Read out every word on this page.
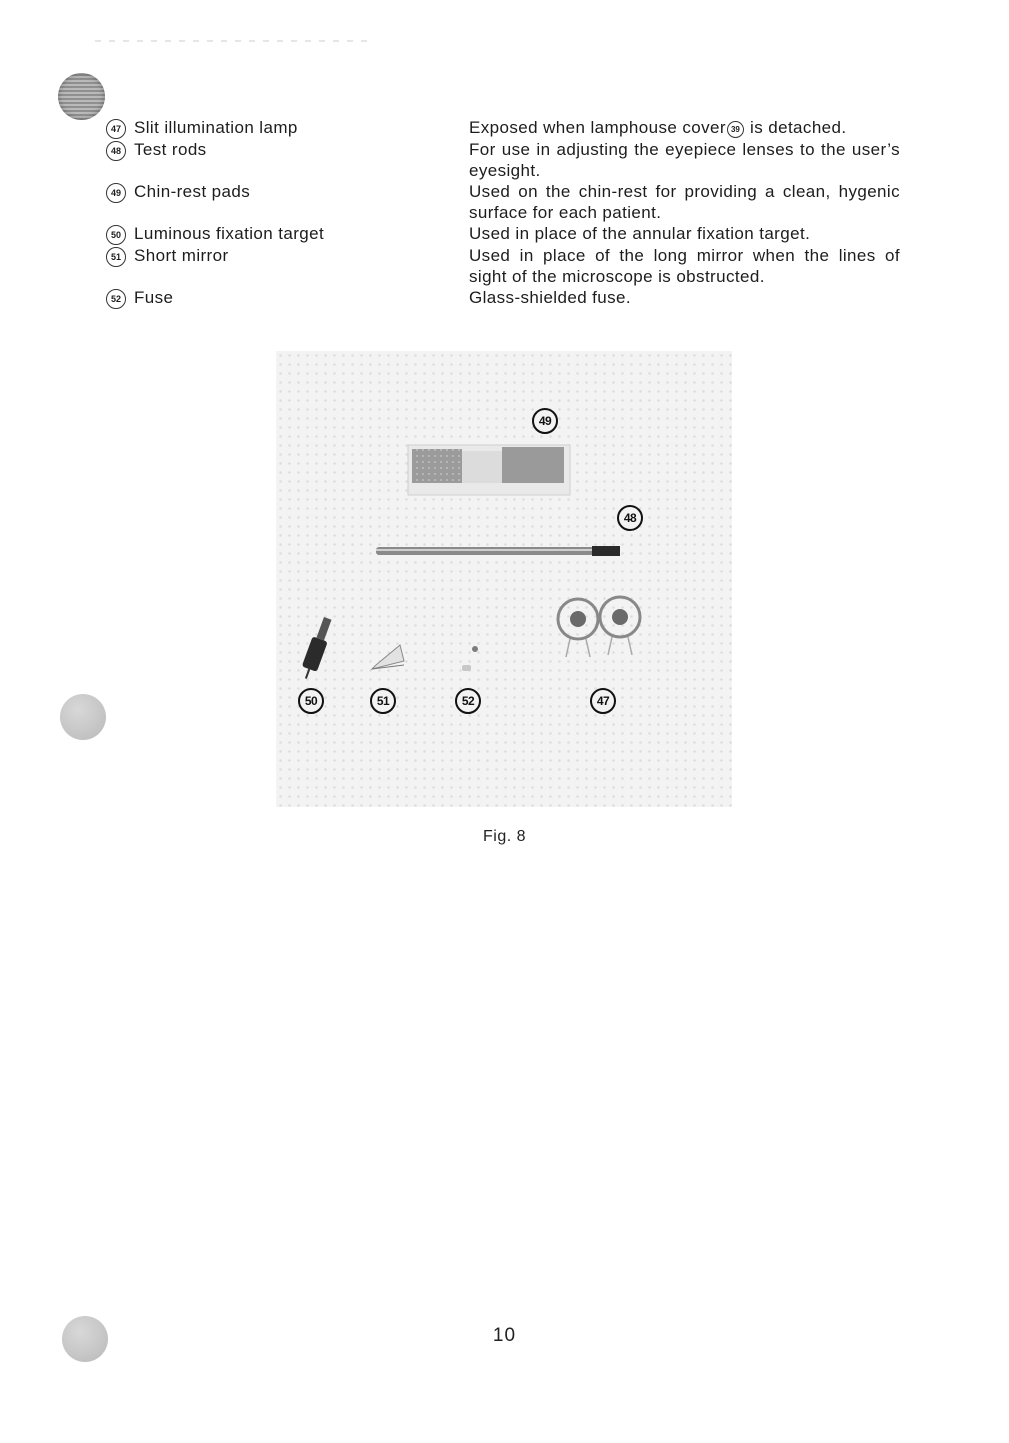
47 Slit illumination lamp	Exposed when lamphouse cover 39 is detached.
48 Test rods	For use in adjusting the eyepiece lenses to the user’s eyesight.
49 Chin-rest pads	Used on the chin-rest for providing a clean, hygenic surface for each patient.
50 Luminous fixation target	Used in place of the annular fixation target.
51 Short mirror	Used in place of the long mirror when the lines of sight of the microscope is obstructed.
52 Fuse	Glass-shielded fuse.
49
48
50	51	52	47
Fig. 8
10
